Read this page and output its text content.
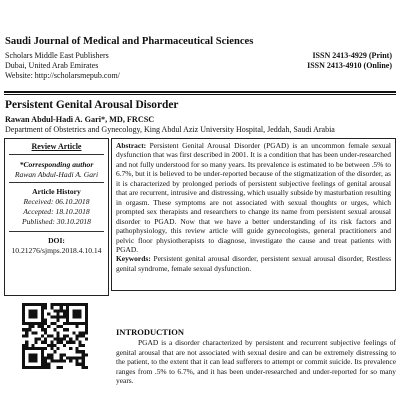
Saudi Journal of Medical and Pharmaceutical Sciences
Scholars Middle East Publishers
Dubai, United Arab Emirates
Website: http://scholarsmepub.com/
ISSN 2413-4929 (Print)
ISSN 2413-4910 (Online)
Persistent Genital Arousal Disorder
Rawan Abdul-Hadi A. Gari*, MD, FRCSC
Department of Obstetrics and Gynecology, King Abdul Aziz University Hospital, Jeddah, Saudi Arabia
Review Article
*Corresponding author
Rawan Abdul-Hadi A. Gari
Article History
Received: 06.10.2018
Accepted: 18.10.2018
Published: 30.10.2018
DOI:
10.21276/sjmps.2018.4.10.14

Abstract: Persistent Genital Arousal Disorder (PGAD) is an uncommon female sexual dysfunction that was first described in 2001. It is a condition that has been under-researched and not fully understood for so many years. Its prevalence is estimated to be between .5% to 6.7%, but it is believed to be under-reported because of the stigmatization of the disorder, as it is characterized by prolonged periods of persistent subjective feelings of genital arousal that are recurrent, intrusive and distressing, which usually subside by masturbation resulting in orgasm. These symptoms are not associated with sexual thoughts or urges, which prompted sex therapists and researchers to change its name from persistent sexual arousal disorder to PGAD. Now that we have a better understanding of its risk factors and pathophysiology, this review article will guide gynecologists, general practitioners and pelvic floor physiotherapists to diagnose, investigate the cause and treat patients with PGAD.

Keywords: Persistent genital arousal disorder, persistent sexual arousal disorder, Restless genital syndrome, female sexual dysfunction.

INTRODUCTION

PGAD is a disorder characterized by persistent and recurrent subjective feelings of genital arousal that are not associated with sexual desire and can be extremely distressing to the patient, to the extent that it can lead sufferers to attempt or commit suicide. Its prevalence ranges from .5% to 6.7%, and it has been under-researched and under-reported for so many years.
